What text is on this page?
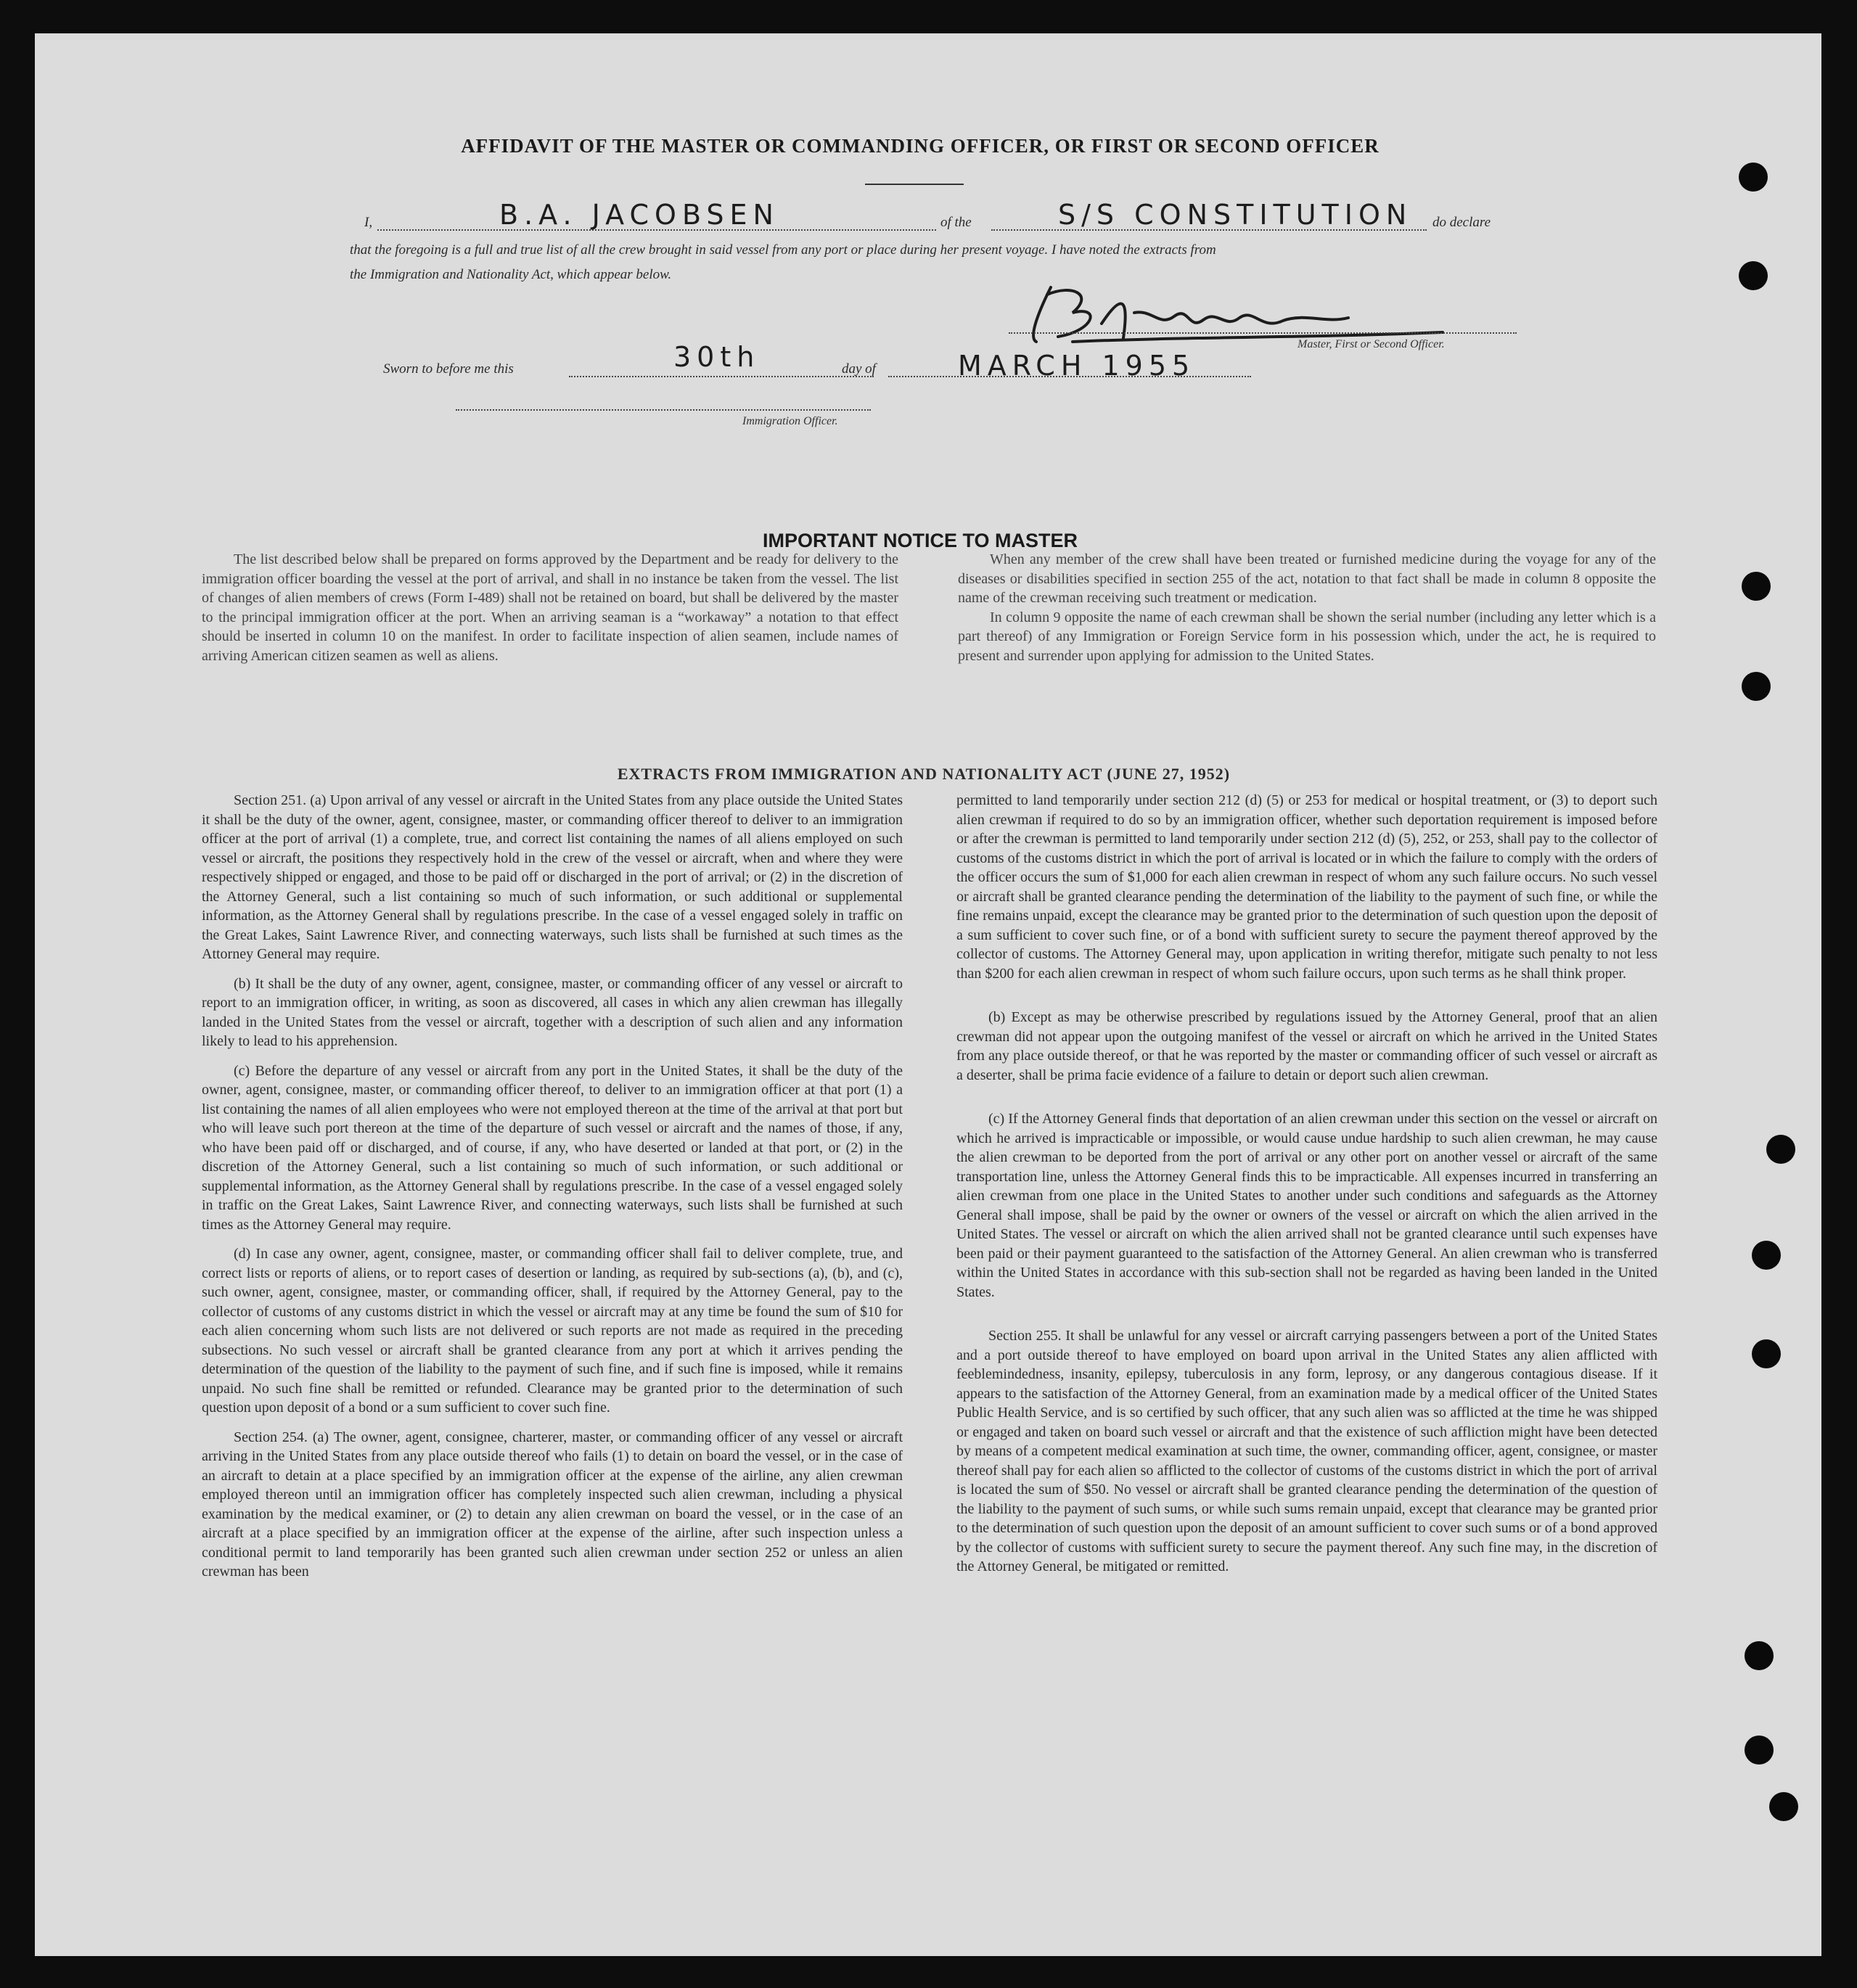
AFFIDAVIT OF THE MASTER OR COMMANDING OFFICER, OR FIRST OR SECOND OFFICER
I,	B.A. JACOBSEN	of the	S/S CONSTITUTION do declare
that the foregoing is a full and true list of all the crew brought in said vessel from any port or place during her present voyage. I have noted the extracts from
the Immigration and Nationality Act, which appear below.
Master, First or Second Officer.
Sworn to before me this	30th	day of	MARCH 1955
Immigration Officer.
IMPORTANT NOTICE TO MASTER

The list described below shall be prepared on forms approved by the Department and be ready for delivery to the immigration officer boarding the vessel at the port of arrival, and shall in no instance be taken from the vessel. The list of changes of alien members of crews (Form I-489) shall not be retained on board, but shall be delivered by the master to the principal immigration officer at the port. When an arriving seaman is a “workaway” a notation to that effect should be inserted in column 10 on the manifest. In order to facilitate inspection of alien seamen, include names of arriving American citizen seamen as well as aliens.

When any member of the crew shall have been treated or furnished medicine during the voyage for any of the diseases or disabilities specified in section 255 of the act, notation to that fact shall be made in column 8 opposite the name of the crewman receiving such treatment or medication.

In column 9 opposite the name of each crewman shall be shown the serial number (including any letter which is a part thereof) of any Immigration or Foreign Service form in his possession which, under the act, he is required to present and surrender upon applying for admission to the United States.

EXTRACTS FROM IMMIGRATION AND NATIONALITY ACT (JUNE 27, 1952)

Section 251. (a) Upon arrival of any vessel or aircraft in the United States from any place outside the United States it shall be the duty of the owner, agent, consignee, master, or commanding officer thereof to deliver to an immigration officer at the port of arrival (1) a complete, true, and correct list containing the names of all aliens employed on such vessel or aircraft, the positions they respectively hold in the crew of the vessel or aircraft, when and where they were respectively shipped or engaged, and those to be paid off or discharged in the port of arrival; or (2) in the discretion of the Attorney General, such a list containing so much of such information, or such additional or supplemental information, as the Attorney General shall by regulations prescribe. In the case of a vessel engaged solely in traffic on the Great Lakes, Saint Lawrence River, and connecting waterways, such lists shall be furnished at such times as the Attorney General may require.

(b) It shall be the duty of any owner, agent, consignee, master, or commanding officer of any vessel or aircraft to report to an immigration officer, in writing, as soon as discovered, all cases in which any alien crewman has illegally landed in the United States from the vessel or aircraft, together with a description of such alien and any information likely to lead to his apprehension.

(c) Before the departure of any vessel or aircraft from any port in the United States, it shall be the duty of the owner, agent, consignee, master, or commanding officer thereof, to deliver to an immigration officer at that port (1) a list containing the names of all alien employees who were not employed thereon at the time of the arrival at that port but who will leave such port thereon at the time of the departure of such vessel or aircraft and the names of those, if any, who have been paid off or discharged, and of course, if any, who have deserted or landed at that port, or (2) in the discretion of the Attorney General, such a list containing so much of such information, or such additional or supplemental information, as the Attorney General shall by regulations prescribe. In the case of a vessel engaged solely in traffic on the Great Lakes, Saint Lawrence River, and connecting waterways, such lists shall be furnished at such times as the Attorney General may require.

(d) In case any owner, agent, consignee, master, or commanding officer shall fail to deliver complete, true, and correct lists or reports of aliens, or to report cases of desertion or landing, as required by sub-sections (a), (b), and (c), such owner, agent, consignee, master, or commanding officer, shall, if required by the Attorney General, pay to the collector of customs of any customs district in which the vessel or aircraft may at any time be found the sum of $10 for each alien concerning whom such lists are not delivered or such reports are not made as required in the preceding subsections. No such vessel or aircraft shall be granted clearance from any port at which it arrives pending the determination of the question of the liability to the payment of such fine, and if such fine is imposed, while it remains unpaid. No such fine shall be remitted or refunded. Clearance may be granted prior to the determination of such question upon deposit of a bond or a sum sufficient to cover such fine.

Section 254. (a) The owner, agent, consignee, charterer, master, or commanding officer of any vessel or aircraft arriving in the United States from any place outside thereof who fails (1) to detain on board the vessel, or in the case of an aircraft to detain at a place specified by an immigration officer at the expense of the airline, any alien crewman employed thereon until an immigration officer has completely inspected such alien crewman, including a physical examination by the medical examiner, or (2) to detain any alien crewman on board the vessel, or in the case of an aircraft at a place specified by an immigration officer at the expense of the airline, after such inspection unless a conditional permit to land temporarily has been granted such alien crewman under section 252 or unless an alien crewman has been

permitted to land temporarily under section 212 (d) (5) or 253 for medical or hospital treatment, or (3) to deport such alien crewman if required to do so by an immigration officer, whether such deportation requirement is imposed before or after the crewman is permitted to land temporarily under section 212 (d) (5), 252, or 253, shall pay to the collector of customs of the customs district in which the port of arrival is located or in which the failure to comply with the orders of the officer occurs the sum of $1,000 for each alien crewman in respect of whom any such failure occurs. No such vessel or aircraft shall be granted clearance pending the determination of the liability to the payment of such fine, or while the fine remains unpaid, except the clearance may be granted prior to the determination of such question upon the deposit of a sum sufficient to cover such fine, or of a bond with sufficient surety to secure the payment thereof approved by the collector of customs. The Attorney General may, upon application in writing therefor, mitigate such penalty to not less than $200 for each alien crewman in respect of whom such failure occurs, upon such terms as he shall think proper.

(b) Except as may be otherwise prescribed by regulations issued by the Attorney General, proof that an alien crewman did not appear upon the outgoing manifest of the vessel or aircraft on which he arrived in the United States from any place outside thereof, or that he was reported by the master or commanding officer of such vessel or aircraft as a deserter, shall be prima facie evidence of a failure to detain or deport such alien crewman.

(c) If the Attorney General finds that deportation of an alien crewman under this section on the vessel or aircraft on which he arrived is impracticable or impossible, or would cause undue hardship to such alien crewman, he may cause the alien crewman to be deported from the port of arrival or any other port on another vessel or aircraft of the same transportation line, unless the Attorney General finds this to be impracticable. All expenses incurred in transferring an alien crewman from one place in the United States to another under such conditions and safeguards as the Attorney General shall impose, shall be paid by the owner or owners of the vessel or aircraft on which the alien arrived in the United States. The vessel or aircraft on which the alien arrived shall not be granted clearance until such expenses have been paid or their payment guaranteed to the satisfaction of the Attorney General. An alien crewman who is transferred within the United States in accordance with this sub-section shall not be regarded as having been landed in the United States.

Section 255. It shall be unlawful for any vessel or aircraft carrying passengers between a port of the United States and a port outside thereof to have employed on board upon arrival in the United States any alien afflicted with feeblemindedness, insanity, epilepsy, tuberculosis in any form, leprosy, or any dangerous contagious disease. If it appears to the satisfaction of the Attorney General, from an examination made by a medical officer of the United States Public Health Service, and is so certified by such officer, that any such alien was so afflicted at the time he was shipped or engaged and taken on board such vessel or aircraft and that the existence of such affliction might have been detected by means of a competent medical examination at such time, the owner, commanding officer, agent, consignee, or master thereof shall pay for each alien so afflicted to the collector of customs of the customs district in which the port of arrival is located the sum of $50. No vessel or aircraft shall be granted clearance pending the determination of the question of the liability to the payment of such sums, or while such sums remain unpaid, except that clearance may be granted prior to the determination of such question upon the deposit of an amount sufficient to cover such sums or of a bond approved by the collector of customs with sufficient surety to secure the payment thereof. Any such fine may, in the discretion of the Attorney General, be mitigated or remitted.
